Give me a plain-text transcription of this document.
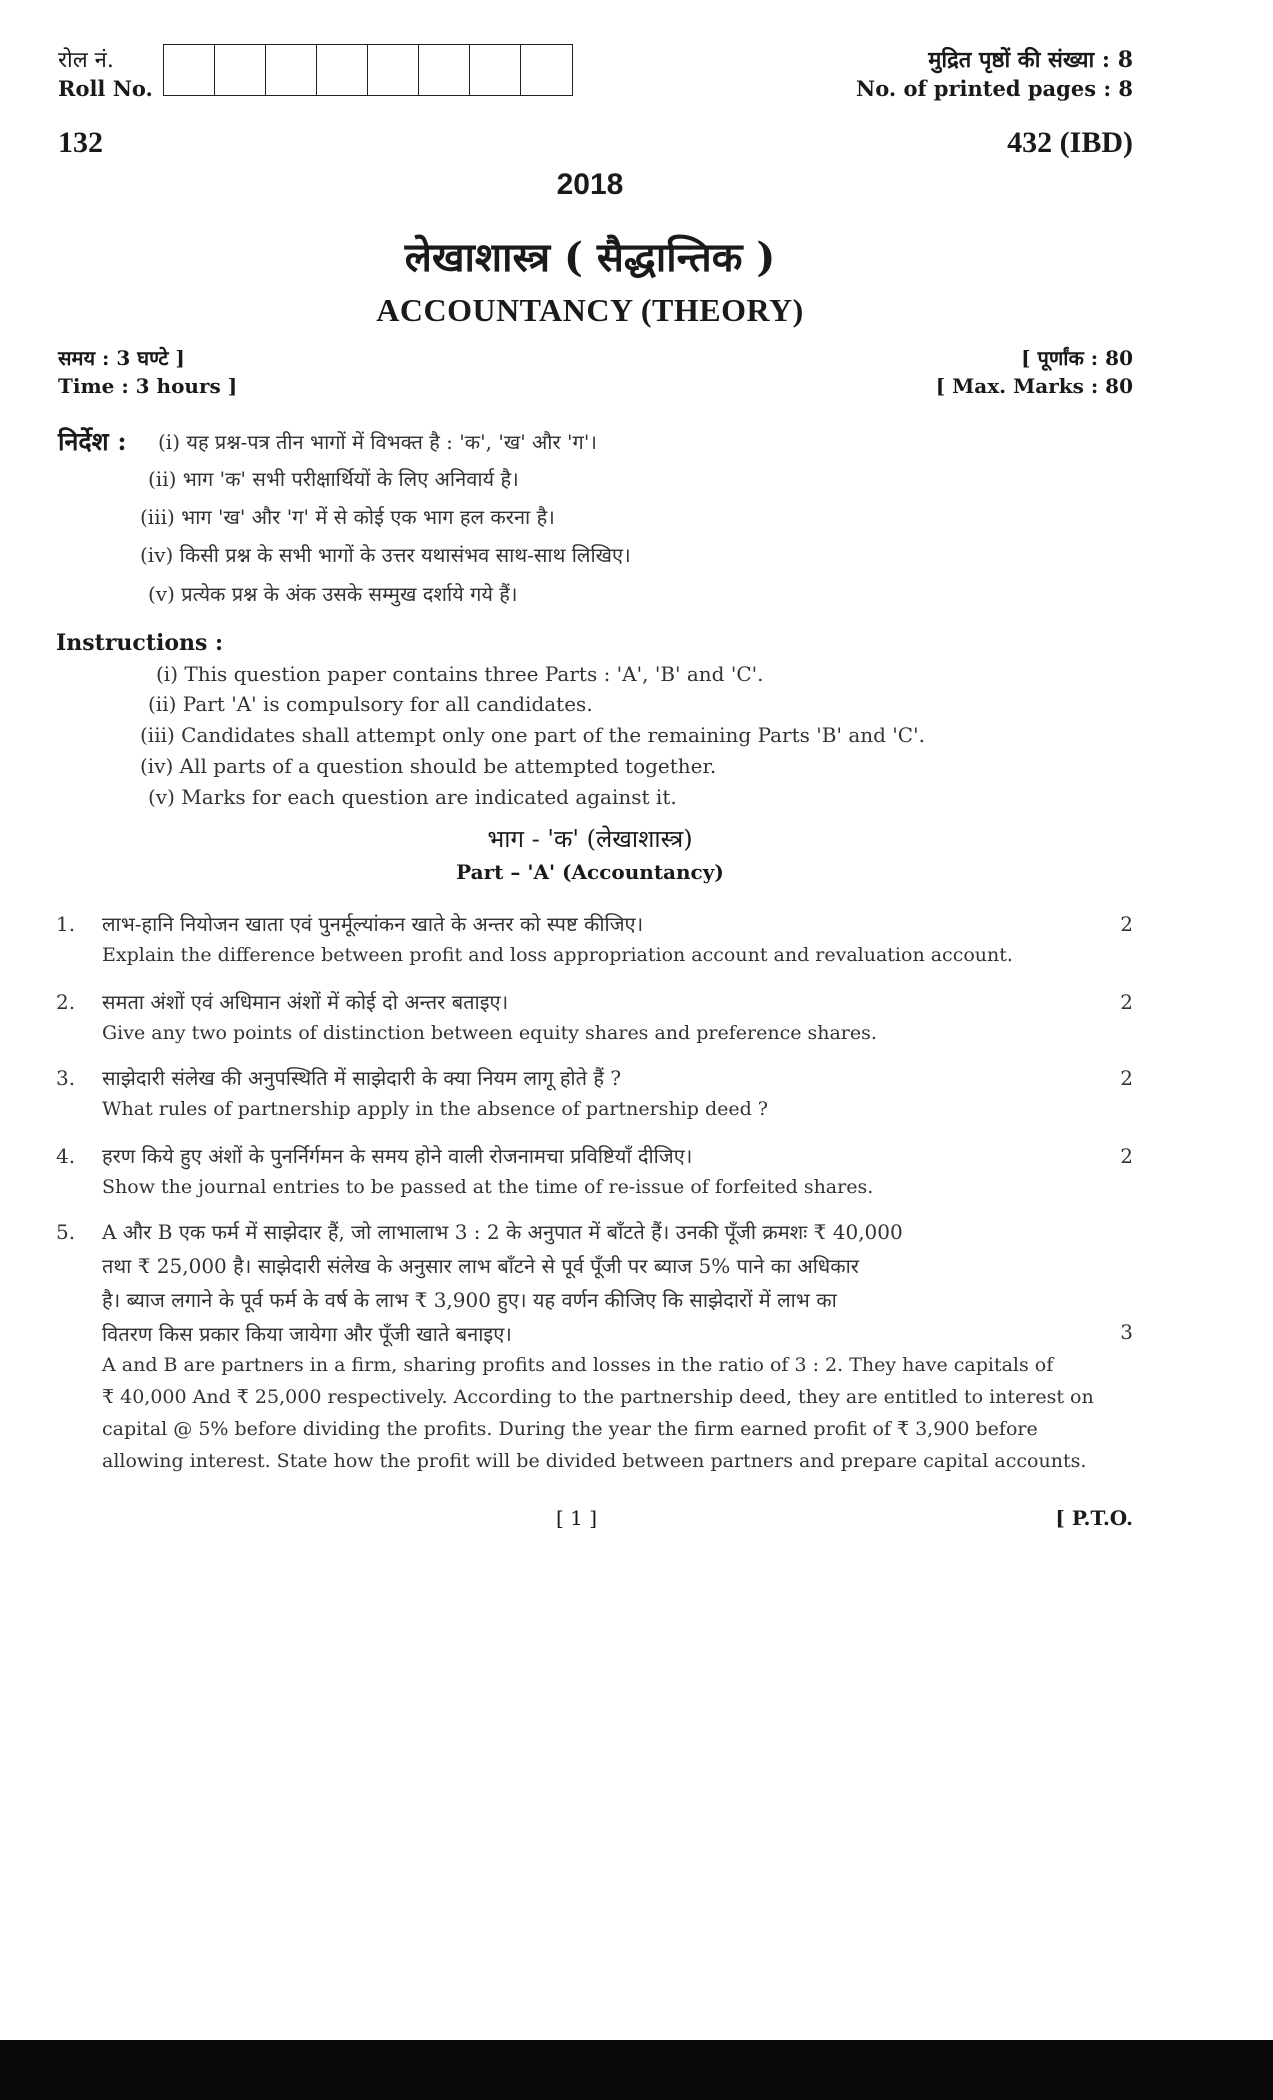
रोल नं.
Roll No.
मुद्रित पृष्ठों की संख्या : 8
No. of printed pages : 8
132	432 (IBD)
2018
लेखाशास्त्र ( सैद्धान्तिक )
ACCOUNTANCY (THEORY)
समय : 3 घण्टे ]
Time : 3 hours ]
[ पूर्णांक : 80
[ Max. Marks : 80
निर्देश : (i) यह प्रश्न-पत्र तीन भागों में विभक्त है : 'क', 'ख' और 'ग'।
(ii) भाग 'क' सभी परीक्षार्थियों के लिए अनिवार्य है।
(iii) भाग 'ख' और 'ग' में से कोई एक भाग हल करना है।
(iv) किसी प्रश्न के सभी भागों के उत्तर यथासंभव साथ-साथ लिखिए।
(v) प्रत्येक प्रश्न के अंक उसके सम्मुख दर्शाये गये हैं।
Instructions :
(i) This question paper contains three Parts : 'A', 'B' and 'C'.
(ii) Part 'A' is compulsory for all candidates.
(iii) Candidates shall attempt only one part of the remaining Parts 'B' and 'C'.
(iv) All parts of a question should be attempted together.
(v) Marks for each question are indicated against it.
भाग - 'क' (लेखाशास्त्र)
Part – 'A' (Accountancy)
1. लाभ-हानि नियोजन खाता एवं पुनर्मूल्यांकन खाते के अन्तर को स्पष्ट कीजिए।
Explain the difference between profit and loss appropriation account and revaluation account.
2
2. समता अंशों एवं अधिमान अंशों में कोई दो अन्तर बताइए।
Give any two points of distinction between equity shares and preference shares.
2
3. साझेदारी संलेख की अनुपस्थिति में साझेदारी के क्या नियम लागू होते हैं ?
What rules of partnership apply in the absence of partnership deed ?
2
4. हरण किये हुए अंशों के पुनर्निर्गमन के समय होने वाली रोजनामचा प्रविष्टियाँ दीजिए।
Show the journal entries to be passed at the time of re-issue of forfeited shares.
2
5. A और B एक फर्म में साझेदार हैं, जो लाभालाभ 3 : 2 के अनुपात में बाँटते हैं। उनकी पूँजी क्रमशः ₹ 40,000
तथा ₹ 25,000 है। साझेदारी संलेख के अनुसार लाभ बाँटने से पूर्व पूँजी पर ब्याज 5% पाने का अधिकार
है। ब्याज लगाने के पूर्व फर्म के वर्ष के लाभ ₹ 3,900 हुए। यह वर्णन कीजिए कि साझेदारों में लाभ का
वितरण किस प्रकार किया जायेगा और पूँजी खाते बनाइए।	3
A and B are partners in a firm, sharing profits and losses in the ratio of 3 : 2. They have capitals of
₹ 40,000 And ₹ 25,000 respectively. According to the partnership deed, they are entitled to interest on
capital @ 5% before dividing the profits. During the year the firm earned profit of ₹ 3,900 before
allowing interest. State how the profit will be divided between partners and prepare capital accounts.
[ 1 ]	[ P.T.O.
